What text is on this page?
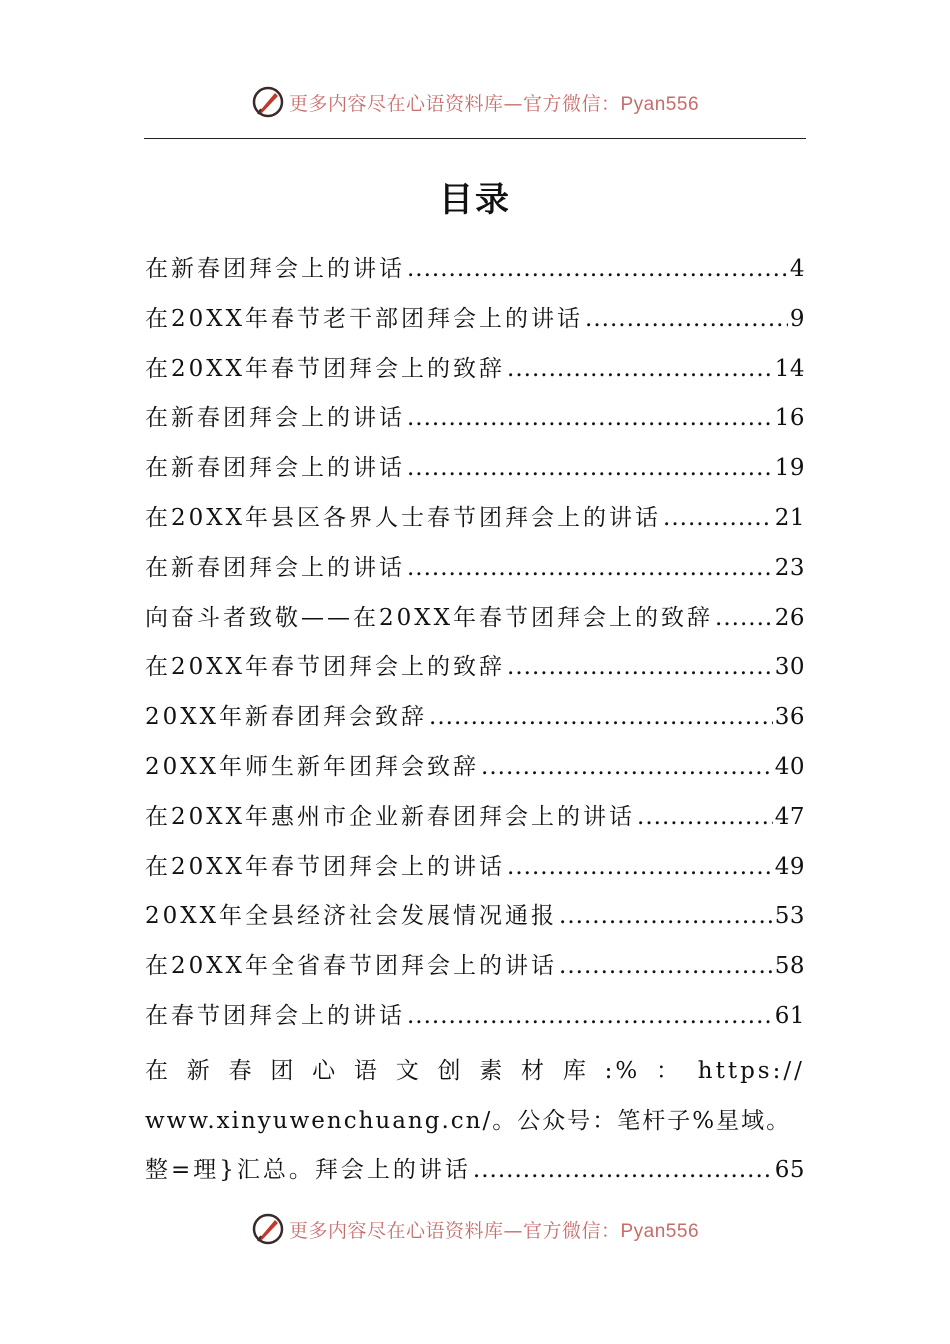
更多内容尽在心语资料库—官方微信：Pyan556
目录
在新春团拜会上的讲话 .....	4
在20XX年春节老干部团拜会上的讲话 .....	9
在20XX年春节团拜会上的致辞 .....	14
在新春团拜会上的讲话 .....	16
在新春团拜会上的讲话 .....	19
在20XX年县区各界人士春节团拜会上的讲话 .....	21
在新春团拜会上的讲话 .....	23
向奋斗者致敬——在20XX年春节团拜会上的致辞 .....	26
在20XX年春节团拜会上的致辞 .....	30
20XX年新春团拜会致辞 .....	36
20XX年师生新年团拜会致辞 .....	40
在20XX年惠州市企业新春团拜会上的讲话 .....	47
在20XX年春节团拜会上的讲话 .....	49
20XX年全县经济社会发展情况通报 .....	53
在20XX年全省春节团拜会上的讲话 .....	58
在春节团拜会上的讲话 .....	61
在 新 春 团 心 语 文 创 素 材 库 :% ： https://
www.xinyuwenchuang.cn/。公众号：笔杆子%星域。
整=理}汇总。拜会上的讲话 .....	65
更多内容尽在心语资料库—官方微信：Pyan556
